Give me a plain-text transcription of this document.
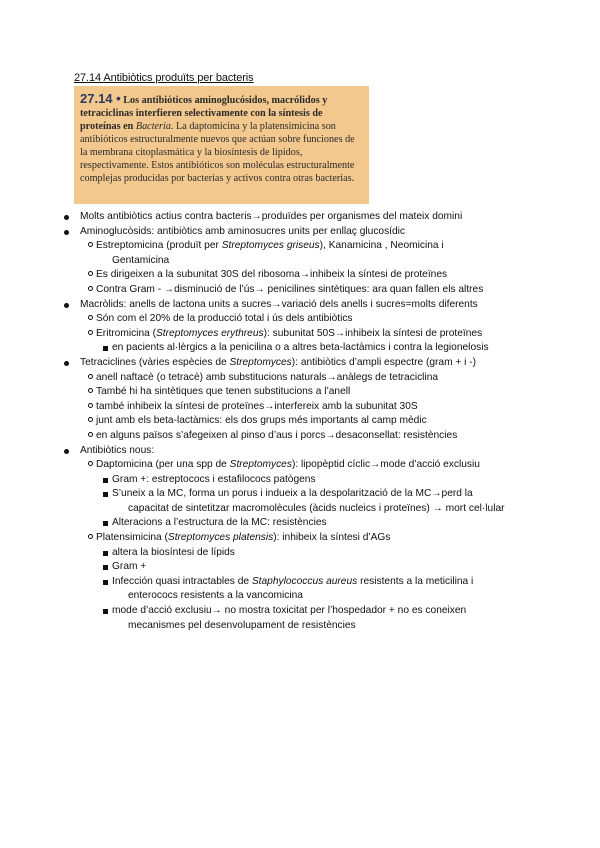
27.14 Antibiòtics produïts per bacteris
27.14 • Los antibióticos aminoglucósidos, macrólidos y tetraciclinas interfieren selectivamente con la síntesis de proteínas en Bacteria. La daptomicina y la platensimicina son antibióticos estructuralmente nuevos que actúan sobre funciones de la membrana citoplasmática y la biosíntesis de lípidos, respectivamente. Estos antibióticos son moléculas estructuralmente complejas producidas por bacterias y activos contra otras bacterias.
Molts antibiòtics actius contra bacteris→produïdes per organismes del mateix domini
Aminoglucòsids: antibiòtics amb aminosucres units per enllaç glucosídic
Estreptomicina (produït per Streptomyces griseus), Kanamicina , Neomicina i
Gentamicina
Es dirigeixen a la subunitat 30S del ribosoma→inhibeix la síntesi de proteïnes
Contra Gram - →disminució de l’ús→ penicilines sintètiques: ara quan fallen els altres
Macròlids: anells de lactona units a sucres→variació dels anells i sucres=molts diferents
Són com el 20% de la producció total i ús dels antibiòtics
Eritromicina (Streptomyces erythreus): subunitat 50S→inhibeix la síntesi de proteïnes
en pacients al·lèrgics a la penicilina o a altres beta-lactàmics i contra la legionelosis
Tetraciclines (vàries espècies de Streptomyces): antibiòtics d’ampli espectre (gram + i -)
anell naftacè (o tetracè) amb substitucions naturals→anàlegs de tetraciclina
També hi ha sintètiques que tenen substitucions a l’anell
també inhibeix la síntesi de proteïnes→interfereix amb la subunitat 30S
junt amb els beta-lactàmics: els dos grups més importants al camp mèdic
en alguns països s’afegeixen al pinso d’aus i porcs→desaconsellat: resistències
Antibiòtics nous:
Daptomicina (per una spp de Streptomyces): lipopèptid cíclic→mode d’acció exclusiu
Gram +: estreptococs i estafilococs patògens
S’uneix a la MC, forma un porus i indueix a la despolarització de la MC→perd la
capacitat de sintetitzar macromolècules (àcids nucleics i proteïnes) → mort cel·lular
Alteracions a l’estructura de la MC: resistències
Platensimicina (Streptomyces platensis): inhibeix la síntesi d’AGs
altera la biosíntesi de lípids
Gram +
Infección quasi intractables de Staphylococcus aureus resistents a la meticilina i
enterococs resistents a la vancomicina
mode d’acció exclusiu→ no mostra toxicitat per l’hospedador + no es coneixen
mecanismes pel desenvolupament de resistències
